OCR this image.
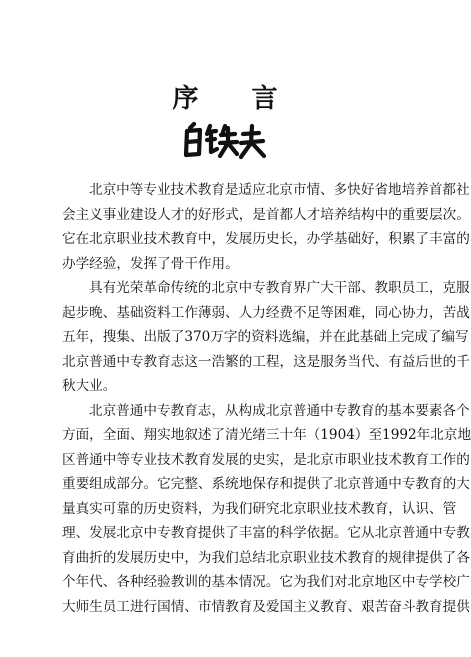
序 言
北京中等专业技术教育是适应北京市情、多快好省地培养首都社
会主义事业建设人才的好形式，是首都人才培养结构中的重要层次。
它在北京职业技术教育中，发展历史长，办学基础好，积累了丰富的
办学经验，发挥了骨干作用。
具有光荣革命传统的北京中专教育界广大干部、教职员工，克服
起步晚、基础资料工作薄弱、人力经费不足等困难，同心协力，苦战
五年，搜集、出版了370万字的资料选编，并在此基础上完成了编写
北京普通中专教育志这一浩繁的工程，这是服务当代、有益后世的千
秋大业。
北京普通中专教育志，从构成北京普通中专教育的基本要素各个
方面，全面、翔实地叙述了清光绪三十年（1904）至1992年北京地
区普通中等专业技术教育发展的史实，是北京市职业技术教育工作的
重要组成部分。它完整、系统地保存和提供了北京普通中专教育的大
量真实可靠的历史资料，为我们研究北京职业技术教育，认识、管
理、发展北京中专教育提供了丰富的科学依据。它从北京普通中专教
育曲折的发展历史中，为我们总结北京职业技术教育的规律提供了各
个年代、各种经验教训的基本情况。它为我们对北京地区中专学校广
大师生员工进行国情、市情教育及爱国主义教育、艰苦奋斗教育提供
